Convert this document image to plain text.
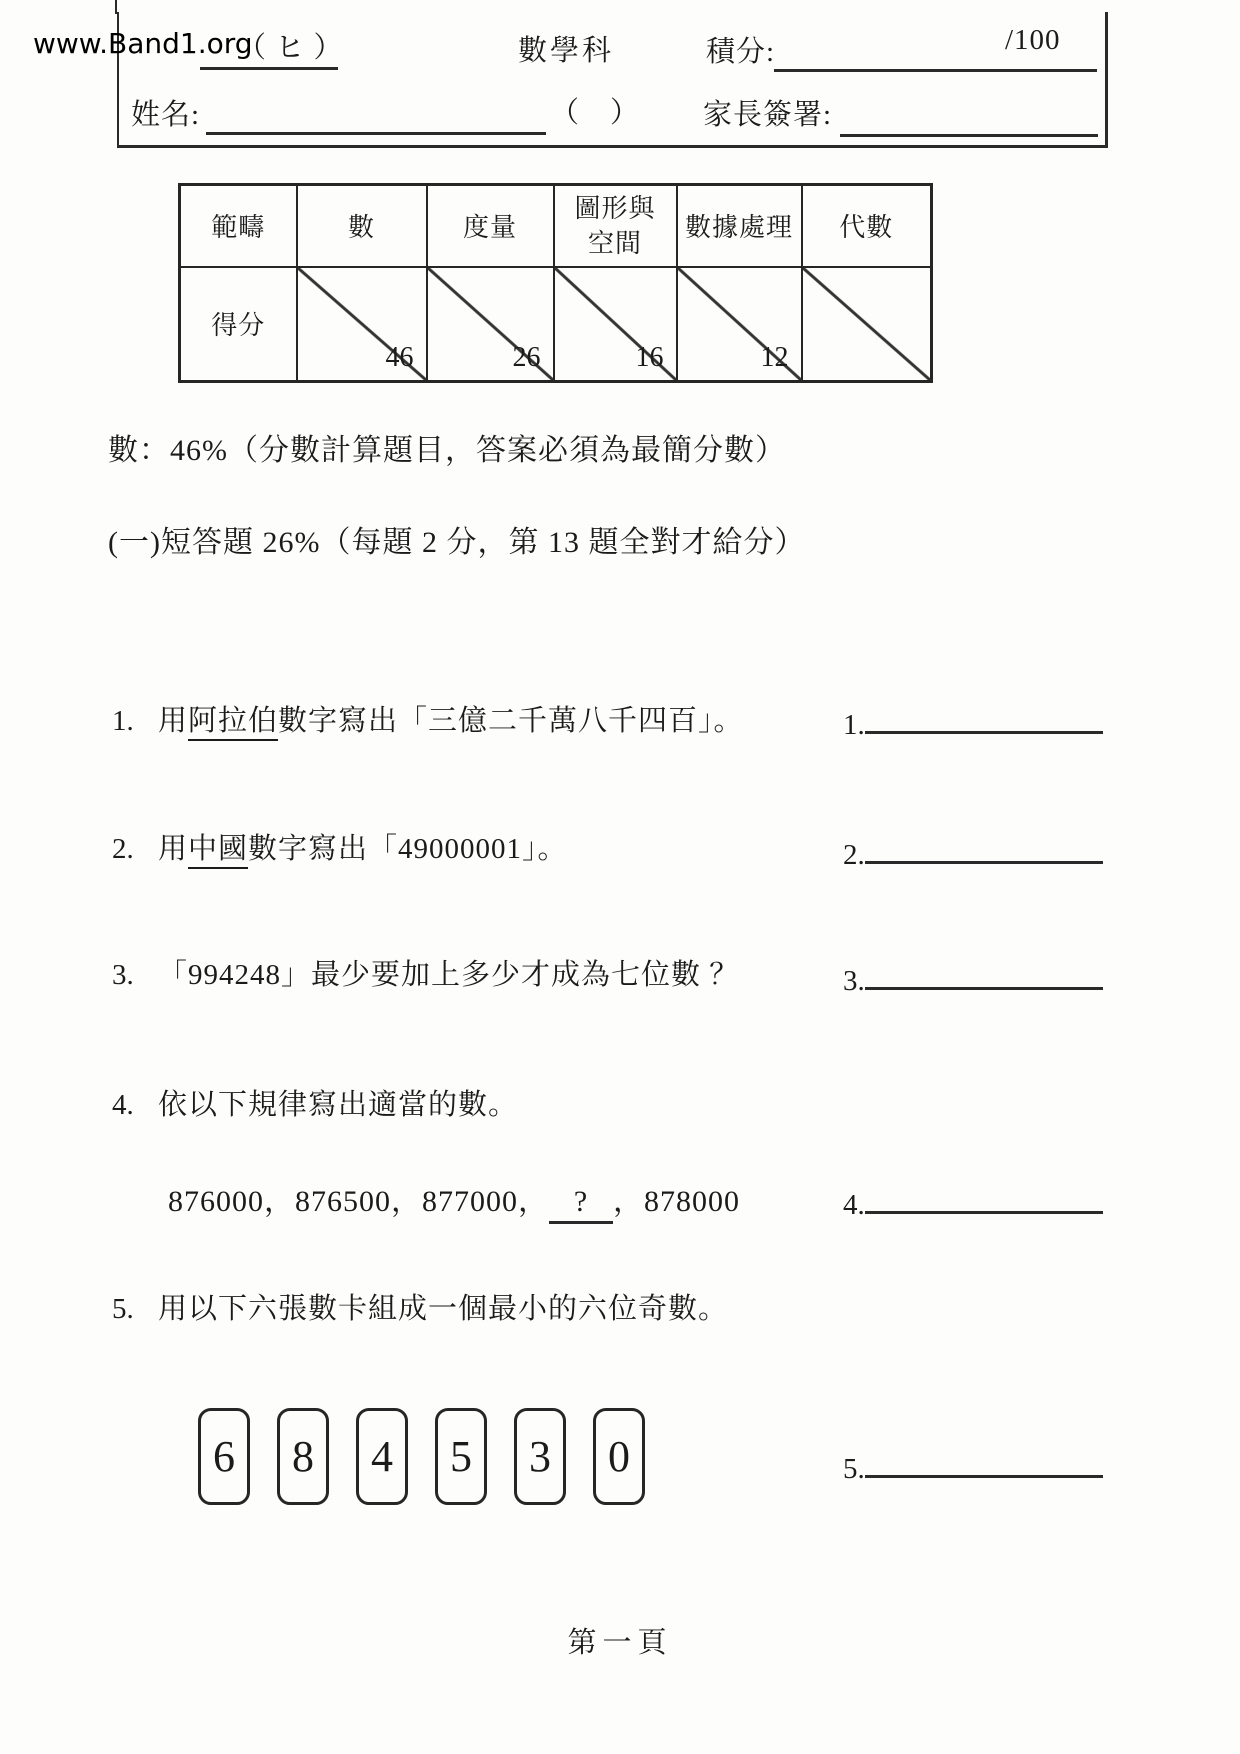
www.Band1.org
（ ヒ ）	數學科	積分:	/100
姓名:	（　） 家長簽署:
範疇	數	度量	圖形與空間	數據處理	代數
得分	46	26	16	12	

數：46%（分數計算題目，答案必須為最簡分數）
(一)短答題 26%（每題 2 分，第 13 題全對才給分）
1. 用阿拉伯數字寫出「三億二千萬八千四百」。	1.
2. 用中國數字寫出「49000001」。	2.
3. 「994248」最少要加上多少才成為七位數 ？	3.
4. 依以下規律寫出適當的數。
876000，876500，877000， ? ，878000	4.
5. 用以下六張數卡組成一個最小的六位奇數。
6 8 4 5 3 0	5.
第一頁
